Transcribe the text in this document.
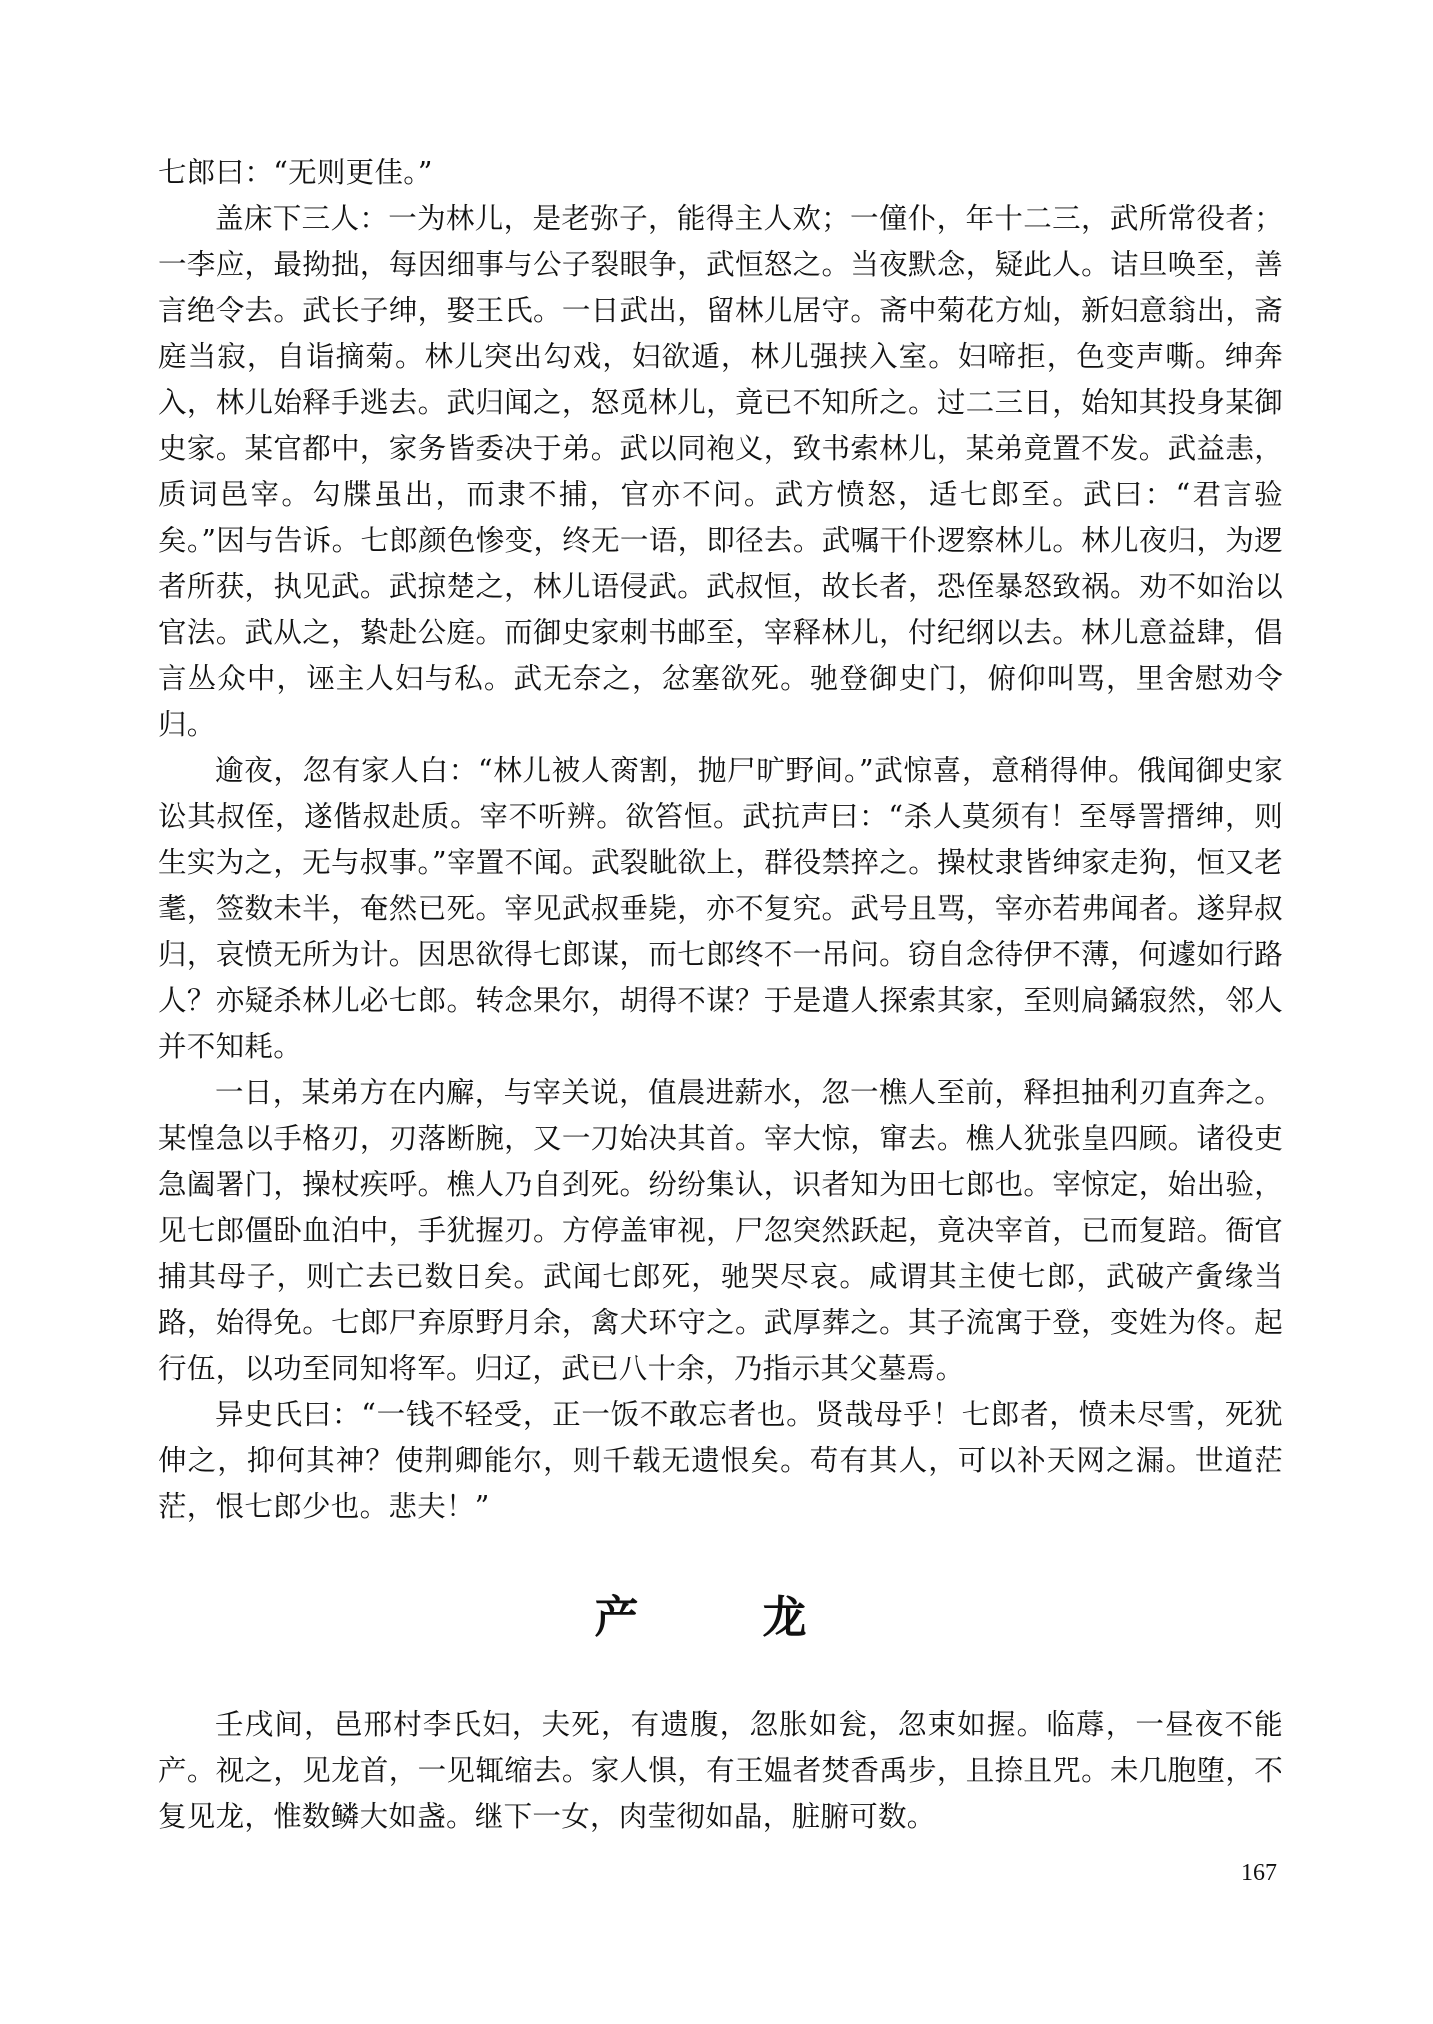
七郎曰：“无则更佳。”

盖床下三人：一为林儿，是老弥子，能得主人欢；一僮仆，年十二三，武所常役者；一李应，最拗拙，每因细事与公子裂眼争，武恒怒之。当夜默念，疑此人。诘旦唤至，善言绝令去。武长子绅，娶王氏。一日武出，留林儿居守。斋中菊花方灿，新妇意翁出，斋庭当寂，自诣摘菊。林儿突出勾戏，妇欲遁，林儿强挟入室。妇啼拒，色变声嘶。绅奔入，林儿始释手逃去。武归闻之，怒觅林儿，竟已不知所之。过二三日，始知其投身某御史家。某官都中，家务皆委决于弟。武以同袍义，致书索林儿，某弟竟置不发。武益恚，质词邑宰。勾牒虽出，而隶不捕，官亦不问。武方愤怒，适七郎至。武曰：“君言验矣。”因与告诉。七郎颜色惨变，终无一语，即径去。武嘱干仆逻察林儿。林儿夜归，为逻者所获，执见武。武掠楚之，林儿语侵武。武叔恒，故长者，恐侄暴怒致祸。劝不如治以官法。武从之，絷赴公庭。而御史家刺书邮至，宰释林儿，付纪纲以去。林儿意益肆，倡言丛众中，诬主人妇与私。武无奈之，忿塞欲死。驰登御史门，俯仰叫骂，里舍慰劝令归。

逾夜，忽有家人白：“林儿被人脔割，抛尸旷野间。”武惊喜，意稍得伸。俄闻御史家讼其叔侄，遂偕叔赴质。宰不听辨。欲笞恒。武抗声曰：“杀人莫须有！至辱詈搢绅，则生实为之，无与叔事。”宰置不闻。武裂眦欲上，群役禁捽之。操杖隶皆绅家走狗，恒又老耄，签数未半，奄然已死。宰见武叔垂毙，亦不复究。武号且骂，宰亦若弗闻者。遂舁叔归，哀愤无所为计。因思欲得七郎谋，而七郎终不一吊问。窃自念待伊不薄，何遽如行路人？亦疑杀林儿必七郎。转念果尔，胡得不谋？于是遣人探索其家，至则扃鐍寂然，邻人并不知耗。

一日，某弟方在内廨，与宰关说，值晨进薪水，忽一樵人至前，释担抽利刃直奔之。某惶急以手格刃，刃落断腕，又一刀始决其首。宰大惊，窜去。樵人犹张皇四顾。诸役吏急阖署门，操杖疾呼。樵人乃自刭死。纷纷集认，识者知为田七郎也。宰惊定，始出验，见七郎僵卧血泊中，手犹握刃。方停盖审视，尸忽突然跃起，竟决宰首，已而复踣。衙官捕其母子，则亡去已数日矣。武闻七郎死，驰哭尽哀。咸谓其主使七郎，武破产夤缘当路，始得免。七郎尸弃原野月余，禽犬环守之。武厚葬之。其子流寓于登，变姓为佟。起行伍，以功至同知将军。归辽，武已八十余，乃指示其父墓焉。

异史氏曰：“一钱不轻受，正一饭不敢忘者也。贤哉母乎！七郎者，愤未尽雪，死犹伸之，抑何其神？使荆卿能尔，则千载无遗恨矣。苟有其人，可以补天网之漏。世道茫茫，恨七郎少也。悲夫！”

产　龙

壬戌间，邑邢村李氏妇，夫死，有遗腹，忽胀如瓮，忽束如握。临蓐，一昼夜不能产。视之，见龙首，一见辄缩去。家人惧，有王媪者焚香禹步，且捺且咒。未几胞堕，不复见龙，惟数鳞大如盏。继下一女，肉莹彻如晶，脏腑可数。

167
